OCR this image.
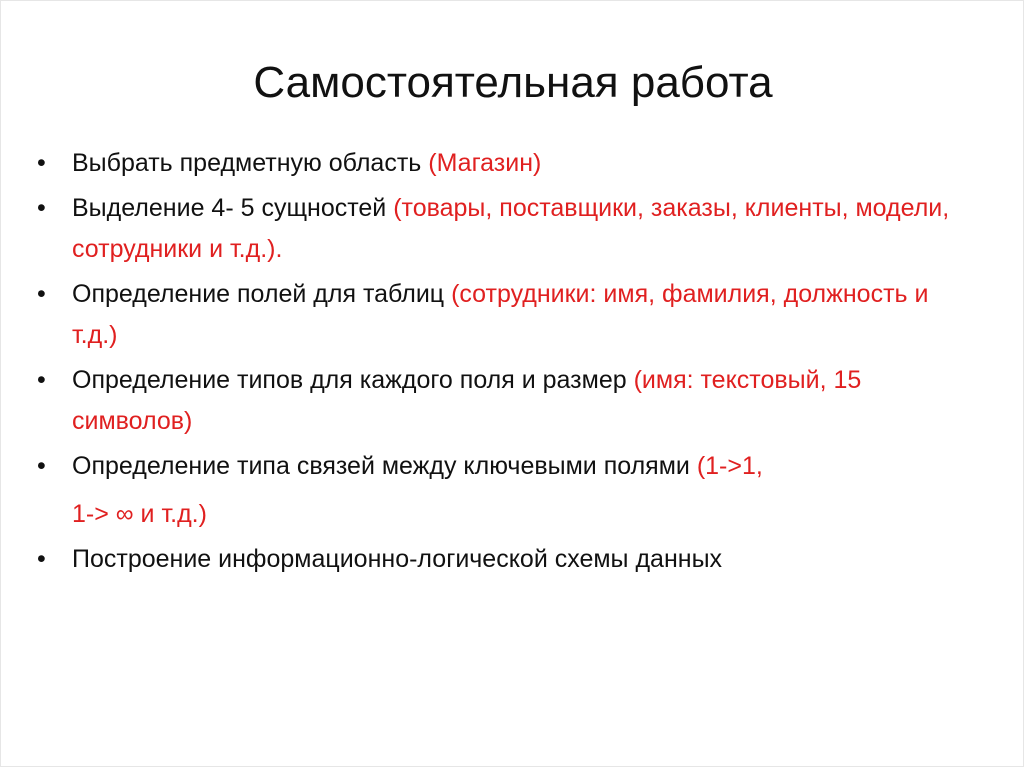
Самостоятельная работа
•	Выбрать предметную область (Магазин)
•	Выделение 4- 5 сущностей (товары, поставщики, заказы, клиенты, модели, сотрудники и т.д.).
•	Определение полей для таблиц (сотрудники: имя, фамилия, должность и т.д.)
•	Определение типов для каждого поля и размер (имя: текстовый, 15 символов)
•	Определение типа связей между ключевыми полями (1->1,
1-> ∞ и т.д.)
•	Построение информационно-логической схемы данных
